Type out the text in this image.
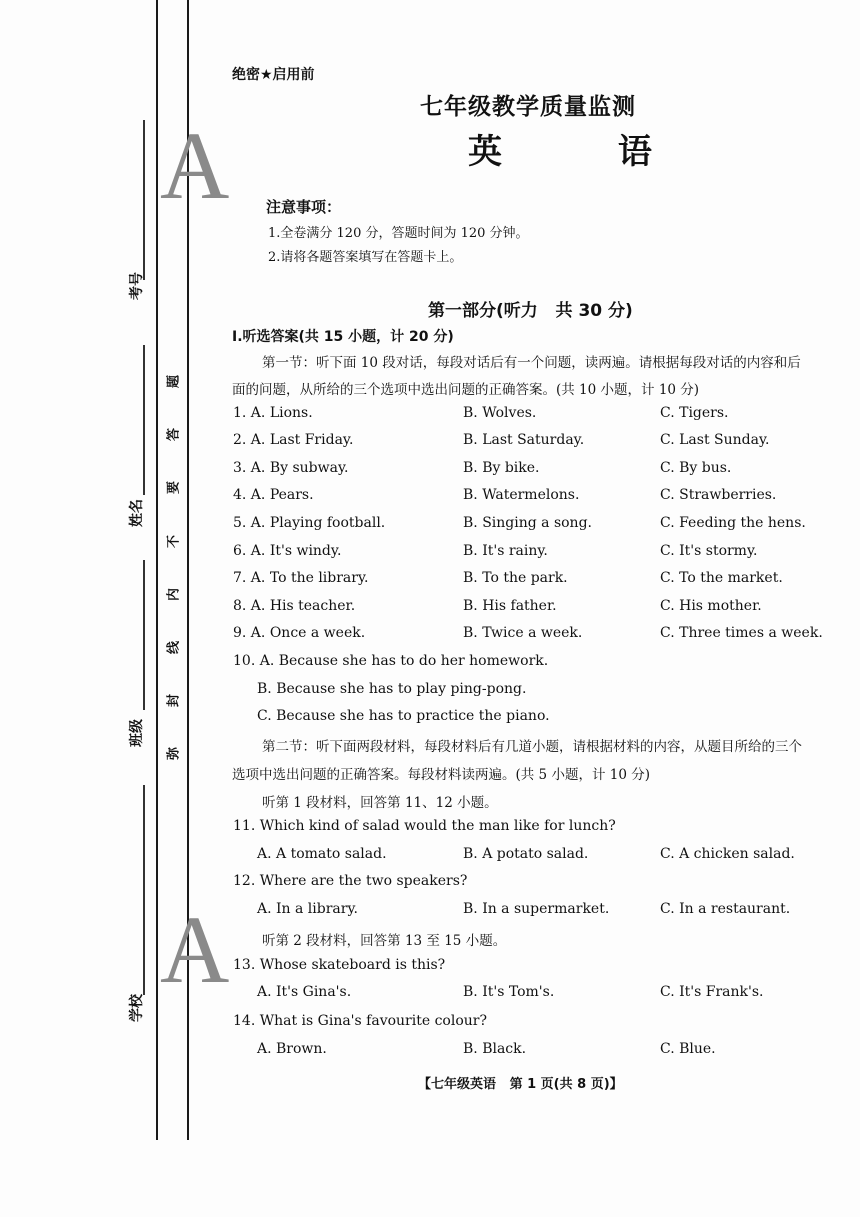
A
A
考号
姓名
班级
学校
题
答
要
不
内
线
封
弥
绝密★启用前
七年级教学质量监测
英 语
注意事项：
1.全卷满分 120 分，答题时间为 120 分钟。
2.请将各题答案填写在答题卡上。
第一部分(听力   共 30 分)
Ⅰ.听选答案(共 15 小题，计 20 分)
第一节：听下面 10 段对话，每段对话后有一个问题，读两遍。请根据每段对话的内容和后
面的问题，从所给的三个选项中选出问题的正确答案。(共 10 小题，计 10 分)
1. A. Lions.	B. Wolves.	C. Tigers.
2. A. Last Friday.	B. Last Saturday.	C. Last Sunday.
3. A. By subway.	B. By bike.	C. By bus.
4. A. Pears.	B. Watermelons.	C. Strawberries.
5. A. Playing football.	B. Singing a song.	C. Feeding the hens.
6. A. It's windy.	B. It's rainy.	C. It's stormy.
7. A. To the library.	B. To the park.	C. To the market.
8. A. His teacher.	B. His father.	C. His mother.
9. A. Once a week.	B. Twice a week.	C. Three times a week.
10. A. Because she has to do her homework.
B. Because she has to play ping-pong.
C. Because she has to practice the piano.
第二节：听下面两段材料，每段材料后有几道小题，请根据材料的内容，从题目所给的三个
选项中选出问题的正确答案。每段材料读两遍。(共 5 小题，计 10 分)
听第 1 段材料，回答第 11、12 小题。
11. Which kind of salad would the man like for lunch?
A. A tomato salad.	B. A potato salad.	C. A chicken salad.
12. Where are the two speakers?
A. In a library.	B. In a supermarket.	C. In a restaurant.
听第 2 段材料，回答第 13 至 15 小题。
13. Whose skateboard is this?
A. It's Gina's.	B. It's Tom's.	C. It's Frank's.
14. What is Gina's favourite colour?
A. Brown.	B. Black.	C. Blue.
【七年级英语   第 1 页(共 8 页)】
